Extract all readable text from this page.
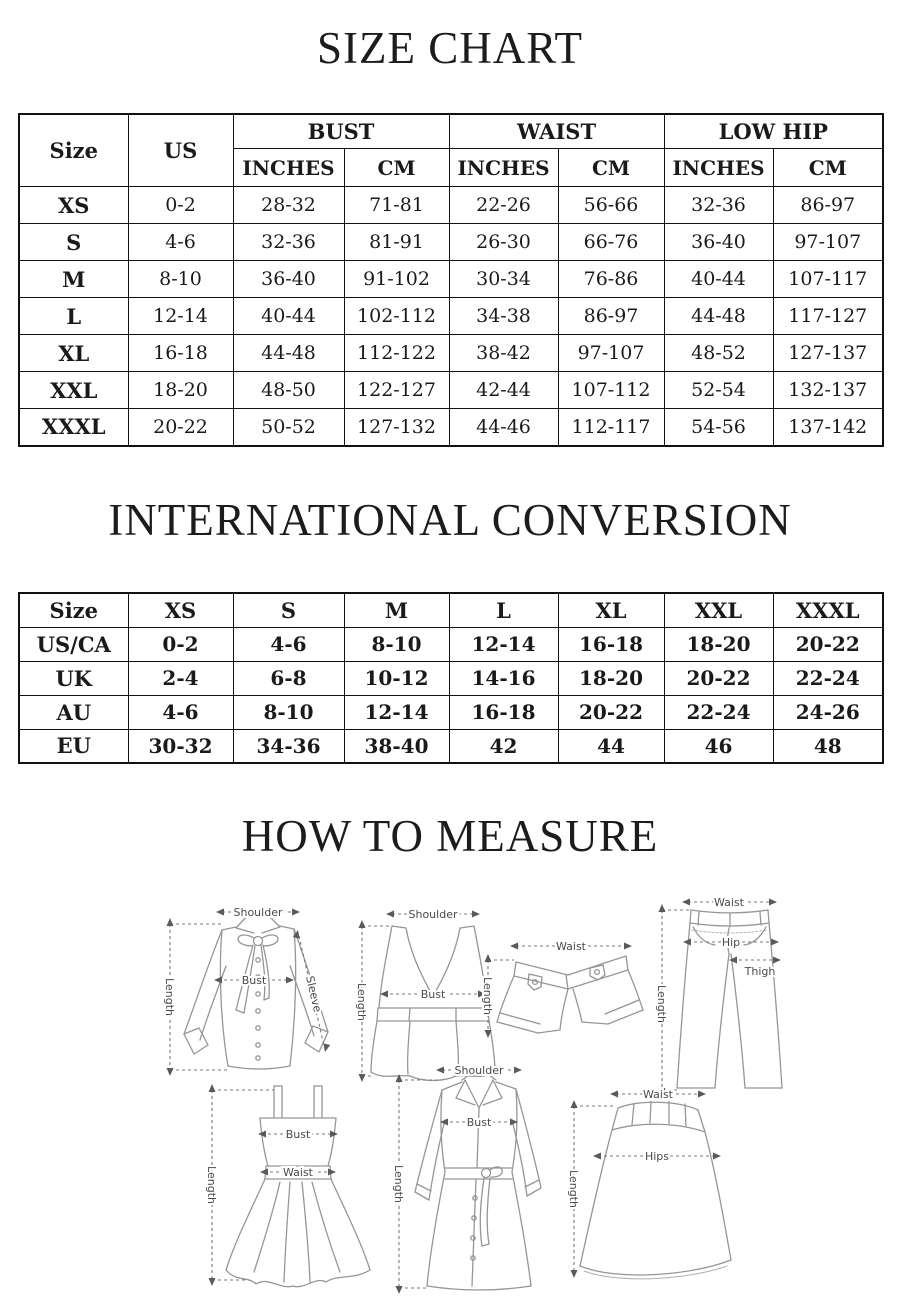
SIZE CHART
Size	US	BUST		WAIST		LOW HIP	
		INCHES	CM	INCHES	CM	INCHES	CM
XS	0-2	28-32	71-81	22-26	56-66	32-36	86-97
S	4-6	32-36	81-91	26-30	66-76	36-40	97-107
M	8-10	36-40	91-102	30-34	76-86	40-44	107-117
L	12-14	40-44	102-112	34-38	86-97	44-48	117-127
XL	16-18	44-48	112-122	38-42	97-107	48-52	127-137
XXL	18-20	48-50	122-127	42-44	107-112	52-54	132-137
XXXL	20-22	50-52	127-132	44-46	112-117	54-56	137-142
INTERNATIONAL CONVERSION
Size	XS	S	M	L	XL	XXL	XXXL
US/CA	0-2	4-6	8-10	12-14	16-18	18-20	20-22
UK	2-4	6-8	10-12	14-16	18-20	20-22	22-24
AU	4-6	8-10	12-14	16-18	20-22	22-24	24-26
EU	30-32	34-36	38-40	42	44	46	48
HOW TO MEASURE
Shoulder
Length	Bust	Sleeve
Shoulder
Bust
Length
Waist
Length
Waist
Hip
Thigh
Length
Bust
Waist
Length
Shoulder
Bust
Length
Waist
Hips
Length
